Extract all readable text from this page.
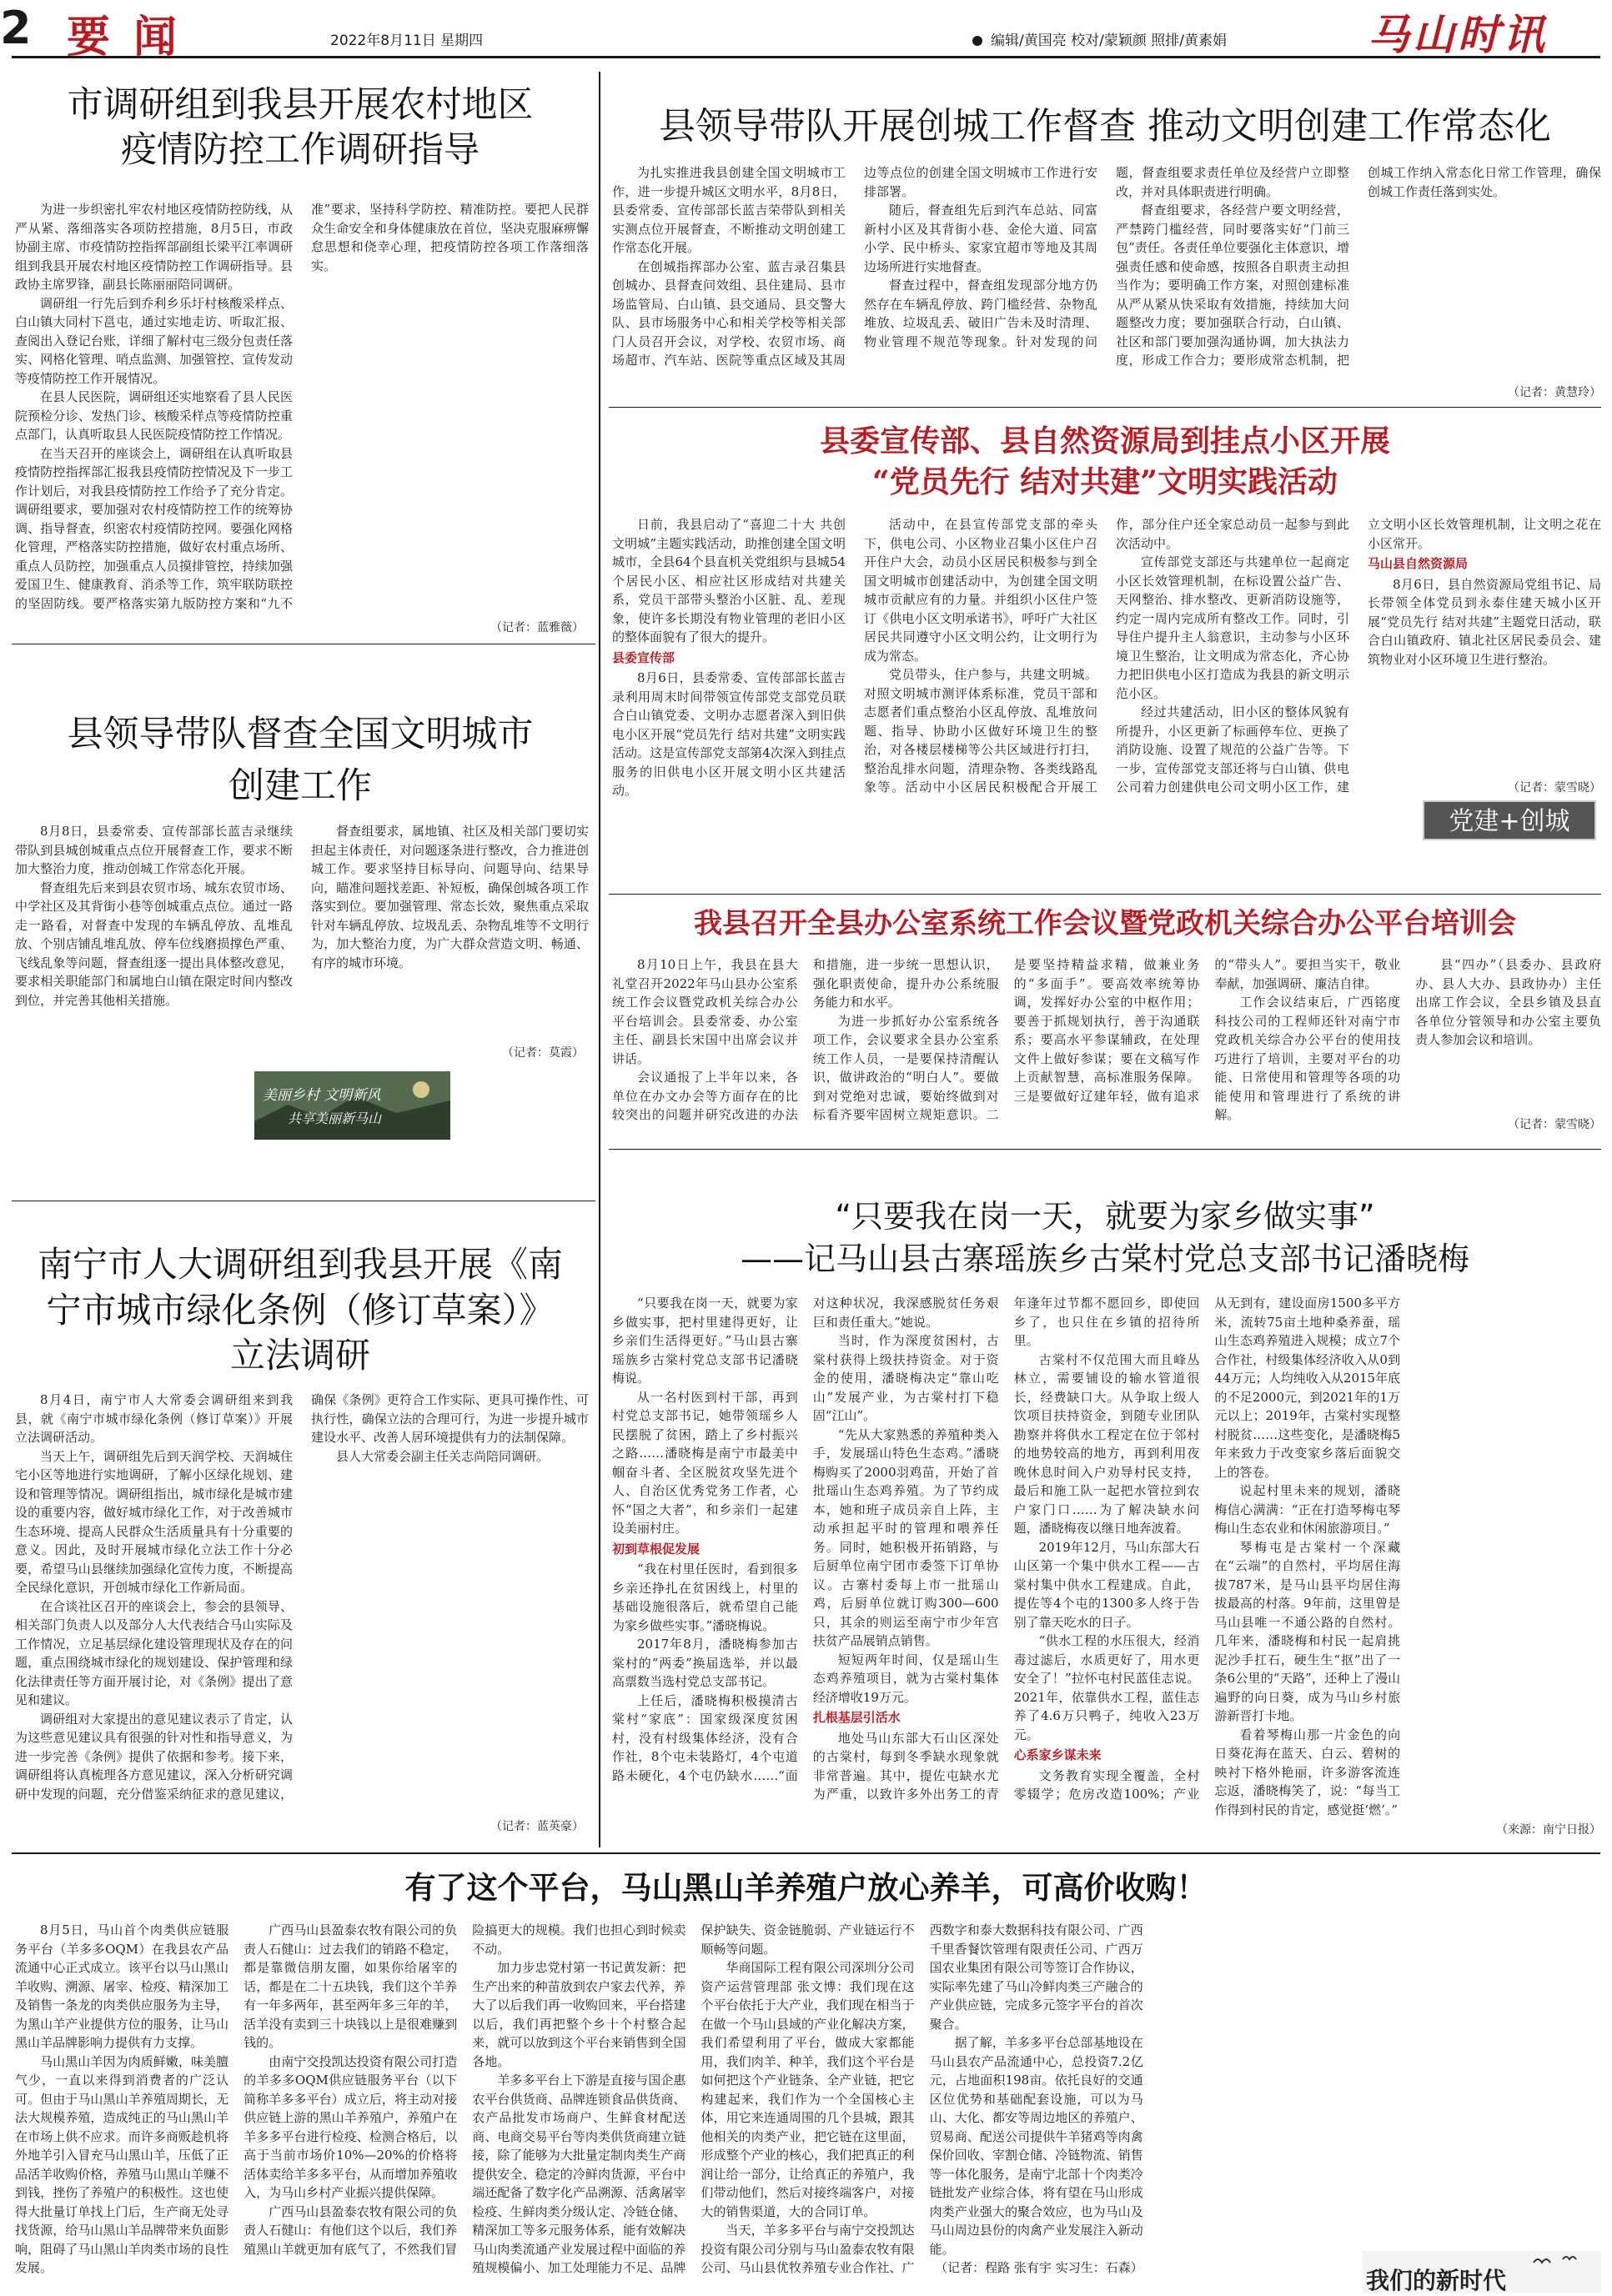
2 要闻	2022年8月11日 星期四	编辑/黄国亮 校对/蒙颖颜 照排/黄素娟	马山时讯
市调研组到我县开展农村地区
疫情防控工作调研指导

为进一步织密扎牢农村地区疫情防控防线，从严从紧、落细落实各项防控措施，8月5日，市政协副主席、市疫情防控指挥部副组长梁平江率调研组到我县开展农村地区疫情防控工作调研指导。县政协主席罗锋，副县长陈丽丽陪同调研。

调研组一行先后到乔利乡乐圩村核酸采样点、白山镇大同村下邕屯，通过实地走访、听取汇报、查阅出入登记台账，详细了解村屯三级分包责任落实、网格化管理、哨点监测、加强管控、宣传发动等疫情防控工作开展情况。

在县人民医院，调研组还实地察看了县人民医院预检分诊、发热门诊、核酸采样点等疫情防控重点部门，认真听取县人民医院疫情防控工作情况。

在当天召开的座谈会上，调研组在认真听取县疫情防控指挥部汇报我县疫情防控情况及下一步工作计划后，对我县疫情防控工作给予了充分肯定。调研组要求，要加强对农村疫情防控工作的统筹协调、指导督查，织密农村疫情防控网。要强化网格化管理，严格落实防控措施，做好农村重点场所、重点人员防控，加强重点人员摸排管控，持续加强爱国卫生、健康教育、消杀等工作，筑牢联防联控的坚固防线。要严格落实第九版防控方案和“九不准”要求，坚持科学防控、精准防控。要把人民群众生命安全和身体健康放在首位，坚决克服麻痹懈怠思想和侥幸心理，把疫情防控各项工作落细落实。

（记者：蓝雅薇）
县领导带队督查全国文明城市
创建工作

8月8日，县委常委、宣传部部长蓝吉录继续带队到县城创城重点点位开展督查工作，要求不断加大整治力度，推动创城工作常态化开展。

督查组先后来到县农贸市场、城东农贸市场、中学社区及其背街小巷等创城重点点位。通过一路走一路看，对督查中发现的车辆乱停放、乱堆乱放、个别店铺乱堆乱放、停车位线磨损撑色严重、飞线乱象等问题，督查组逐一提出具体整改意见，要求相关职能部门和属地白山镇在限定时间内整改到位，并完善其他相关措施。

督查组要求，属地镇、社区及相关部门要切实担起主体责任，对问题逐条进行整改，合力推进创城工作。要求坚持目标导向、问题导向、结果导向，瞄准问题找差距、补短板，确保创城各项工作落实到位。要加强管理、常态长效，聚焦重点采取针对车辆乱停放、垃圾乱丢、杂物乱堆等不文明行为，加大整治力度，为广大群众营造文明、畅通、有序的城市环境。

（记者：莫霞）
美丽乡村 文明新风
共享美丽新马山
南宁市人大调研组到我县开展《南
宁市城市绿化条例（修订草案）》
立法调研

8月4日，南宁市人大常委会调研组来到我县，就《南宁市城市绿化条例（修订草案）》开展立法调研活动。

当天上午，调研组先后到天润学校、天润城住宅小区等地进行实地调研，了解小区绿化规划、建设和管理等情况。调研组指出，城市绿化是城市建设的重要内容，做好城市绿化工作，对于改善城市生态环境、提高人民群众生活质量具有十分重要的意义。因此，及时开展城市绿化立法工作十分必要，希望马山县继续加强绿化宣传力度，不断提高全民绿化意识，开创城市绿化工作新局面。

在合谈社区召开的座谈会上，参会的县领导、相关部门负责人以及部分人大代表结合马山实际及工作情况，立足基层绿化建设管理现状及存在的问题，重点围绕城市绿化的规划建设、保护管理和绿化法律责任等方面开展讨论，对《条例》提出了意见和建议。

调研组对大家提出的意见建议表示了肯定，认为这些意见建议具有很强的针对性和指导意义，为进一步完善《条例》提供了依据和参考。接下来，调研组将认真梳理各方意见建议，深入分析研究调研中发现的问题，充分借鉴采纳征求的意见建议，确保《条例》更符合工作实际、更具可操作性、可执行性，确保立法的合理可行，为进一步提升城市建设水平、改善人居环境提供有力的法制保障。

县人大常委会副主任关志尚陪同调研。

（记者：蓝英豪）
县领导带队开展创城工作督查 推动文明创建工作常态化

为扎实推进我县创建全国文明城市工作，进一步提升城区文明水平，8月8日，县委常委、宣传部部长蓝吉荣带队到相关实测点位开展督查，不断推动文明创建工作常态化开展。

在创城指挥部办公室、蓝吉录召集县创城办、县督查问效组、县住建局、县市场监管局、白山镇、县交通局、县交警大队、县市场服务中心和相关学校等相关部门人员召开会议，对学校、农贸市场、商场超市、汽车站、医院等重点区域及其周边等点位的创建全国文明城市工作进行安排部署。

随后，督查组先后到汽车总站、同富新村小区及其背街小巷、金伦大道、同富小学、民中桥头、家家宜超市等地及其周边场所进行实地督查。

督查过程中，督查组发现部分地方仍然存在车辆乱停放、跨门槛经营、杂物乱堆放、垃圾乱丢、破旧广告未及时清理、物业管理不规范等现象。针对发现的问题，督查组要求责任单位及经营户立即整改，并对具体职责进行明确。

督查组要求，各经营户要文明经营，严禁跨门槛经营，同时要落实好“门前三包”责任。各责任单位要强化主体意识，增强责任感和使命感，按照各自职责主动担当作为；要明确工作方案，对照创建标准从严从紧从快采取有效措施，持续加大问题整改力度；要加强联合行动，白山镇、社区和部门要加强沟通协调，加大执法力度，形成工作合力；要形成常态机制，把创城工作纳入常态化日常工作管理，确保创城工作责任落到实处。

（记者：黄慧玲）
县委宣传部、县自然资源局到挂点小区开展
“党员先行 结对共建”文明实践活动

日前，我县启动了“喜迎二十大 共创文明城”主题实践活动，助推创建全国文明城市，全县64个县直机关党组织与县城54个居民小区、相应社区形成结对共建关系，党员干部带头整治小区脏、乱、差现象，使许多长期没有物业管理的老旧小区的整体面貌有了很大的提升。

县委宣传部

8月6日，县委常委、宣传部部长蓝吉录利用周末时间带领宣传部党支部党员联合白山镇党委、文明办志愿者深入到旧供电小区开展“党员先行 结对共建”文明实践活动。这是宣传部党支部第4次深入到挂点服务的旧供电小区开展文明小区共建活动。

活动中，在县宣传部党支部的牵头下，供电公司、小区物业召集小区住户召开住户大会，动员小区居民积极参与到全国文明城市创建活动中，为创建全国文明城市贡献应有的力量。并组织小区住户签订《供电小区文明承诺书》，呼吁广大社区居民共同遵守小区文明公约，让文明行为成为常态。

党员带头，住户参与，共建文明城。对照文明城市测评体系标准，党员干部和志愿者们重点整治小区乱停放、乱堆放问题、指导、协助小区做好环境卫生的整治，对各楼层楼梯等公共区域进行打扫，整治乱排水问题，清理杂物、各类线路乱象等。活动中小区居民积极配合开展工作，部分住户还全家总动员一起参与到此次活动中。

宣传部党支部还与共建单位一起商定小区长效管理机制，在标设置公益广告、天网整治、排水整改、更新消防设施等，约定一周内完成所有整改工作。同时，引导住户提升主人翁意识，主动参与小区环境卫生整治，让文明成为常态化，齐心协力把旧供电小区打造成为我县的新文明示范小区。

经过共建活动，旧小区的整体风貌有所提升，小区更新了标画停车位、更换了消防设施、设置了规范的公益广告等。下一步，宣传部党支部还将与白山镇、供电公司着力创建供电公司文明小区工作，建立文明小区长效管理机制，让文明之花在小区常开。

马山县自然资源局

8月6日，县自然资源局党组书记、局长带领全体党员到永泰住建天城小区开展“党员先行 结对共建”主题党日活动，联合白山镇政府、镇北社区居民委员会、建筑物业对小区环境卫生进行整治。

（记者：蒙雪晓）
党建+创城
我县召开全县办公室系统工作会议暨党政机关综合办公平台培训会

8月10日上午，我县在县大礼堂召开2022年马山县办公室系统工作会议暨党政机关综合办公平台培训会。县委常委、办公室主任、副县长宋国中出席会议并讲话。

会议通报了上半年以来，各单位在办文办会等方面存在的比较突出的问题并研究改进的办法和措施，进一步统一思想认识，强化职责使命，提升办公系统服务能力和水平。

为进一步抓好办公室系统各项工作，会议要求全县办公室系统工作人员，一是要保持清醒认识，做讲政治的“明白人”。要做到对党绝对忠诚，要始终做到对标看齐要牢固树立规矩意识。二是要坚持精益求精，做兼业务的“多面手”。要高效率统筹协调，发挥好办公室的中枢作用；要善于抓规划执行，善于沟通联系；要高水平参谋辅政，在处理文件上做好参谋；要在文稿写作上贡献智慧，高标准服务保障。三是要做好辽建年轻，做有追求的“带头人”。要担当实干，敬业奉献，加强调研、廉洁自律。

工作会议结束后，广西铭度科技公司的工程师还针对南宁市党政机关综合办公平台的使用技巧进行了培训，主要对平台的功能、日常使用和管理等各项的功能使用和管理进行了系统的讲解。

县“四办”（县委办、县政府办、县人大办、县政协办）主任出席工作会议，全县乡镇及县直各单位分管领导和办公室主要负责人参加会议和培训。

（记者：蒙雪晓）
“只要我在岗一天，就要为家乡做实事”
——记马山县古寨瑶族乡古棠村党总支部书记潘晓梅

“只要我在岗一天，就要为家乡做实事，把村里建得更好，让乡亲们生活得更好。”马山县古寨瑶族乡古棠村党总支部书记潘晓梅说。

从一名村医到村干部，再到村党总支部书记，她带领瑶乡人民摆脱了贫困，踏上了乡村振兴之路……潘晓梅是南宁市最美中帼奋斗者、全区脱贫攻坚先进个人、自治区优秀党务工作者，心怀“国之大者”，和乡亲们一起建设美丽村庄。

初到草根促发展

“我在村里任医时，看到很多乡亲还挣扎在贫困线上，村里的基础设施很落后，就希望自己能为家乡做些实事。”潘晓梅说。

2017年8月，潘晓梅参加古棠村的“两委”换届选举，并以最高票数当选村党总支部书记。

上任后，潘晓梅积极摸清古棠村“家底”：国家级深度贫困村，没有村级集体经济，没有合作社，8个屯未装路灯，4个屯道路未硬化，4个屯仍缺水……“面对这种状况，我深感脱贫任务艰巨和责任重大。”她说。

当时，作为深度贫困村，古棠村获得上级扶持资金。对于资金的使用，潘晓梅决定“靠山吃山”发展产业，为古棠村打下稳固“江山”。

“先从大家熟悉的养殖种类入手，发展瑶山特色生态鸡。”潘晓梅购买了2000羽鸡苗，开始了首批瑶山生态鸡养殖。为了节约成本，她和班子成员亲自上阵，主动承担起平时的管理和喂养任务。同时，她积极开拓销路，与后厨单位南宁团市委签下订单协议。古寨村委每上市一批瑶山鸡，后厨单位就订购300—600只，其余的则运至南宁市少年宫扶贫产品展销点销售。

短短两年时间，仅是瑶山生态鸡养殖项目，就为古棠村集体经济增收19万元。

扎根基层引活水

地处马山东部大石山区深处的古棠村，每到冬季缺水现象就非常普遍。其中，提佐屯缺水尤为严重，以致许多外出务工的青年逢年过节都不愿回乡，即使回乡了，也只住在乡镇的招待所里。

古棠村不仅范围大而且峰丛林立，需要铺设的输水管道很长，经费缺口大。从争取上级人饮项目扶持资金，到随专业团队勘察并将供水工程定在位于邻村的地势较高的地方，再到利用夜晚休息时间入户劝导村民支持，最后和施工队一起把水管拉到农户家门口……为了解决缺水问题，潘晓梅夜以继日地奔波着。

2019年12月，马山东部大石山区第一个集中供水工程——古棠村集中供水工程建成。自此，提佐等4个屯的1300多人终于告别了靠天吃水的日子。

“供水工程的水压很大，经消毒过滤后，水质更好了，用水更安全了！”拉怀屯村民蓝佳志说。2021年，依靠供水工程，蓝佳志养了4.6万只鸭子，纯收入23万元。

心系家乡谋未来

文务教育实现全覆盖，全村零辍学；危房改造100%；产业从无到有，建设面房1500多平方米，流转75亩土地种桑养蚕，瑶山生态鸡养殖进入规模；成立7个合作社，村级集体经济收入从0到44万元；人均纯收入从2015年底的不足2000元，到2021年的1万元以上；2019年，古棠村实现整村脱贫……这些变化，是潘晓梅5年来致力于改变家乡落后面貌交上的答卷。

说起村里未来的规划，潘晓梅信心满满：“正在打造琴梅屯琴梅山生态农业和休闲旅游项目。”

琴梅屯是古棠村一个深藏在“云端”的自然村，平均居住海拔787米，是马山县平均居住海拔最高的村落。9年前，这里曾是马山县唯一不通公路的自然村。几年来，潘晓梅和村民一起肩挑泥沙手扛石，硬生生“抠”出了一条6公里的“天路”，还种上了漫山遍野的向日葵，成为马山乡村旅游新晋打卡地。

看着琴梅山那一片金色的向日葵花海在蓝天、白云、碧树的映衬下格外艳丽，许多游客流连忘返，潘晓梅笑了，说：“每当工作得到村民的肯定，感觉挺‘燃’。”

（来源：南宁日报）
有了这个平台，马山黑山羊养殖户放心养羊，可高价收购！

8月5日，马山首个肉类供应链服务平台（羊多多OQM）在我县农产品流通中心正式成立。该平台以马山黑山羊收购、溯源、屠宰、检疫、精深加工及销售一条龙的肉类供应服务为主导，为黑山羊产业提供方位的服务，让马山黑山羊品牌影响力提供有力支撑。

马山黑山羊因为肉质鲜嫩，味美膻气少，一直以来得到消费者的广泛认可。但由于马山黑山羊养殖周期长，无法大规模养殖，造成纯正的马山黑山羊在市场上供不应求。而许多商贩趁机将外地羊引入冒充马山黑山羊，压低了正品活羊收购价格，养殖马山黑山羊赚不到钱，挫伤了养殖户的积极性。这也使得大批量订单找上门后，生产商无处寻找货源，给马山黑山羊品牌带来负面影响，阻碍了马山黑山羊肉类市场的良性发展。

广西马山县盈泰农牧有限公司的负责人石健山：过去我们的销路不稳定，都是靠微信朋友圈，如果你给屠宰的话，都是在二十五块钱，我们这个羊养有一年多两年，甚至两年多三年的羊，活羊没有卖到三十块钱以上是很难赚到钱的。

由南宁交投凯达投资有限公司打造的羊多多OQM供应链服务平台（以下简称羊多多平台）成立后，将主动对接供应链上游的黑山羊养殖户，养殖户在羊多多平台进行检疫、检测合格后，以高于当前市场价10%—20%的价格将活体卖给羊多多平台，从而增加养殖收入，为马山乡村产业振兴提供保障。

广西马山县盈泰农牧有限公司的负责人石健山：有他们这个以后，我们养殖黑山羊就更加有底气了，不然我们冒险搞更大的规模。我们也担心到时候卖不动。

加力步忠党村第一书记黄发新：把生产出来的种苗放到农户家去代养，养大了以后我们再一收购回来，平台搭建以后，我们再把整个乡十个村整合起来，就可以放到这个平台来销售到全国各地。

羊多多平台上下游是直接与国企惠农平台供货商、品牌连锁食品供货商、农产品批发市场商户、生鲜食材配送商、电商交易平台等肉类供货商建立链接，除了能够为大批量定制肉类生产商提供安全、稳定的冷鲜肉货源，平台中端还配备了数字化产品溯源、活禽屠宰检疫、生鲜肉类分级认定、冷链仓储、精深加工等多元服务体系，能有效解决马山肉类流通产业发展过程中面临的养殖规模偏小、加工处理能力不足、品牌保护缺失、资金链脆弱、产业链运行不顺畅等问题。

华商国际工程有限公司深圳分公司资产运营管理部 张文博：我们现在这个平台依托于大产业，我们现在相当于在做一个马山县域的产业化解决方案，我们希望利用了平台，做成大家都能用，我们肉羊、种羊，我们这个平台是如何把这个产业链条、全产业链，把它构建起来，我们作为一个全国核心主体，用它来连通周围的几个县城，跟其他相关的肉类产业，把它链在这里面，形成整个产业的核心，我们把真正的利润让给一部分，让给真正的养殖户，我们带动他们，然后对接终端客户，对接大的销售渠道，大的合同订单。

当天，羊多多平台与南宁交投凯达投资有限公司分别与马山盈泰农牧有限公司、马山县优牧养殖专业合作社、广西数字和泰大数据科技有限公司、广西千里香餐饮管理有限责任公司、广西万国农业集团有限公司等签订合作协议，实际率先建了马山冷鲜肉类三产融合的产业供应链，完成多元签字平台的首次聚合。

据了解，羊多多平台总部基地设在马山县农产品流通中心，总投资7.2亿元，占地面积198亩。依托良好的交通区位优势和基础配套设施，可以为马山、大化、都安等周边地区的养殖户、贸易商、配送公司提供牛羊猪鸡等肉禽保价回收、宰割仓储、冷链物流、销售等一体化服务，是南宁北部十个肉类冷链批发产业综合体，将有望在马山形成肉类产业强大的聚合效应，也为马山及马山周边县份的肉禽产业发展注入新动能。

（记者：程路 张有宇 实习生：石森）	我们的新时代
